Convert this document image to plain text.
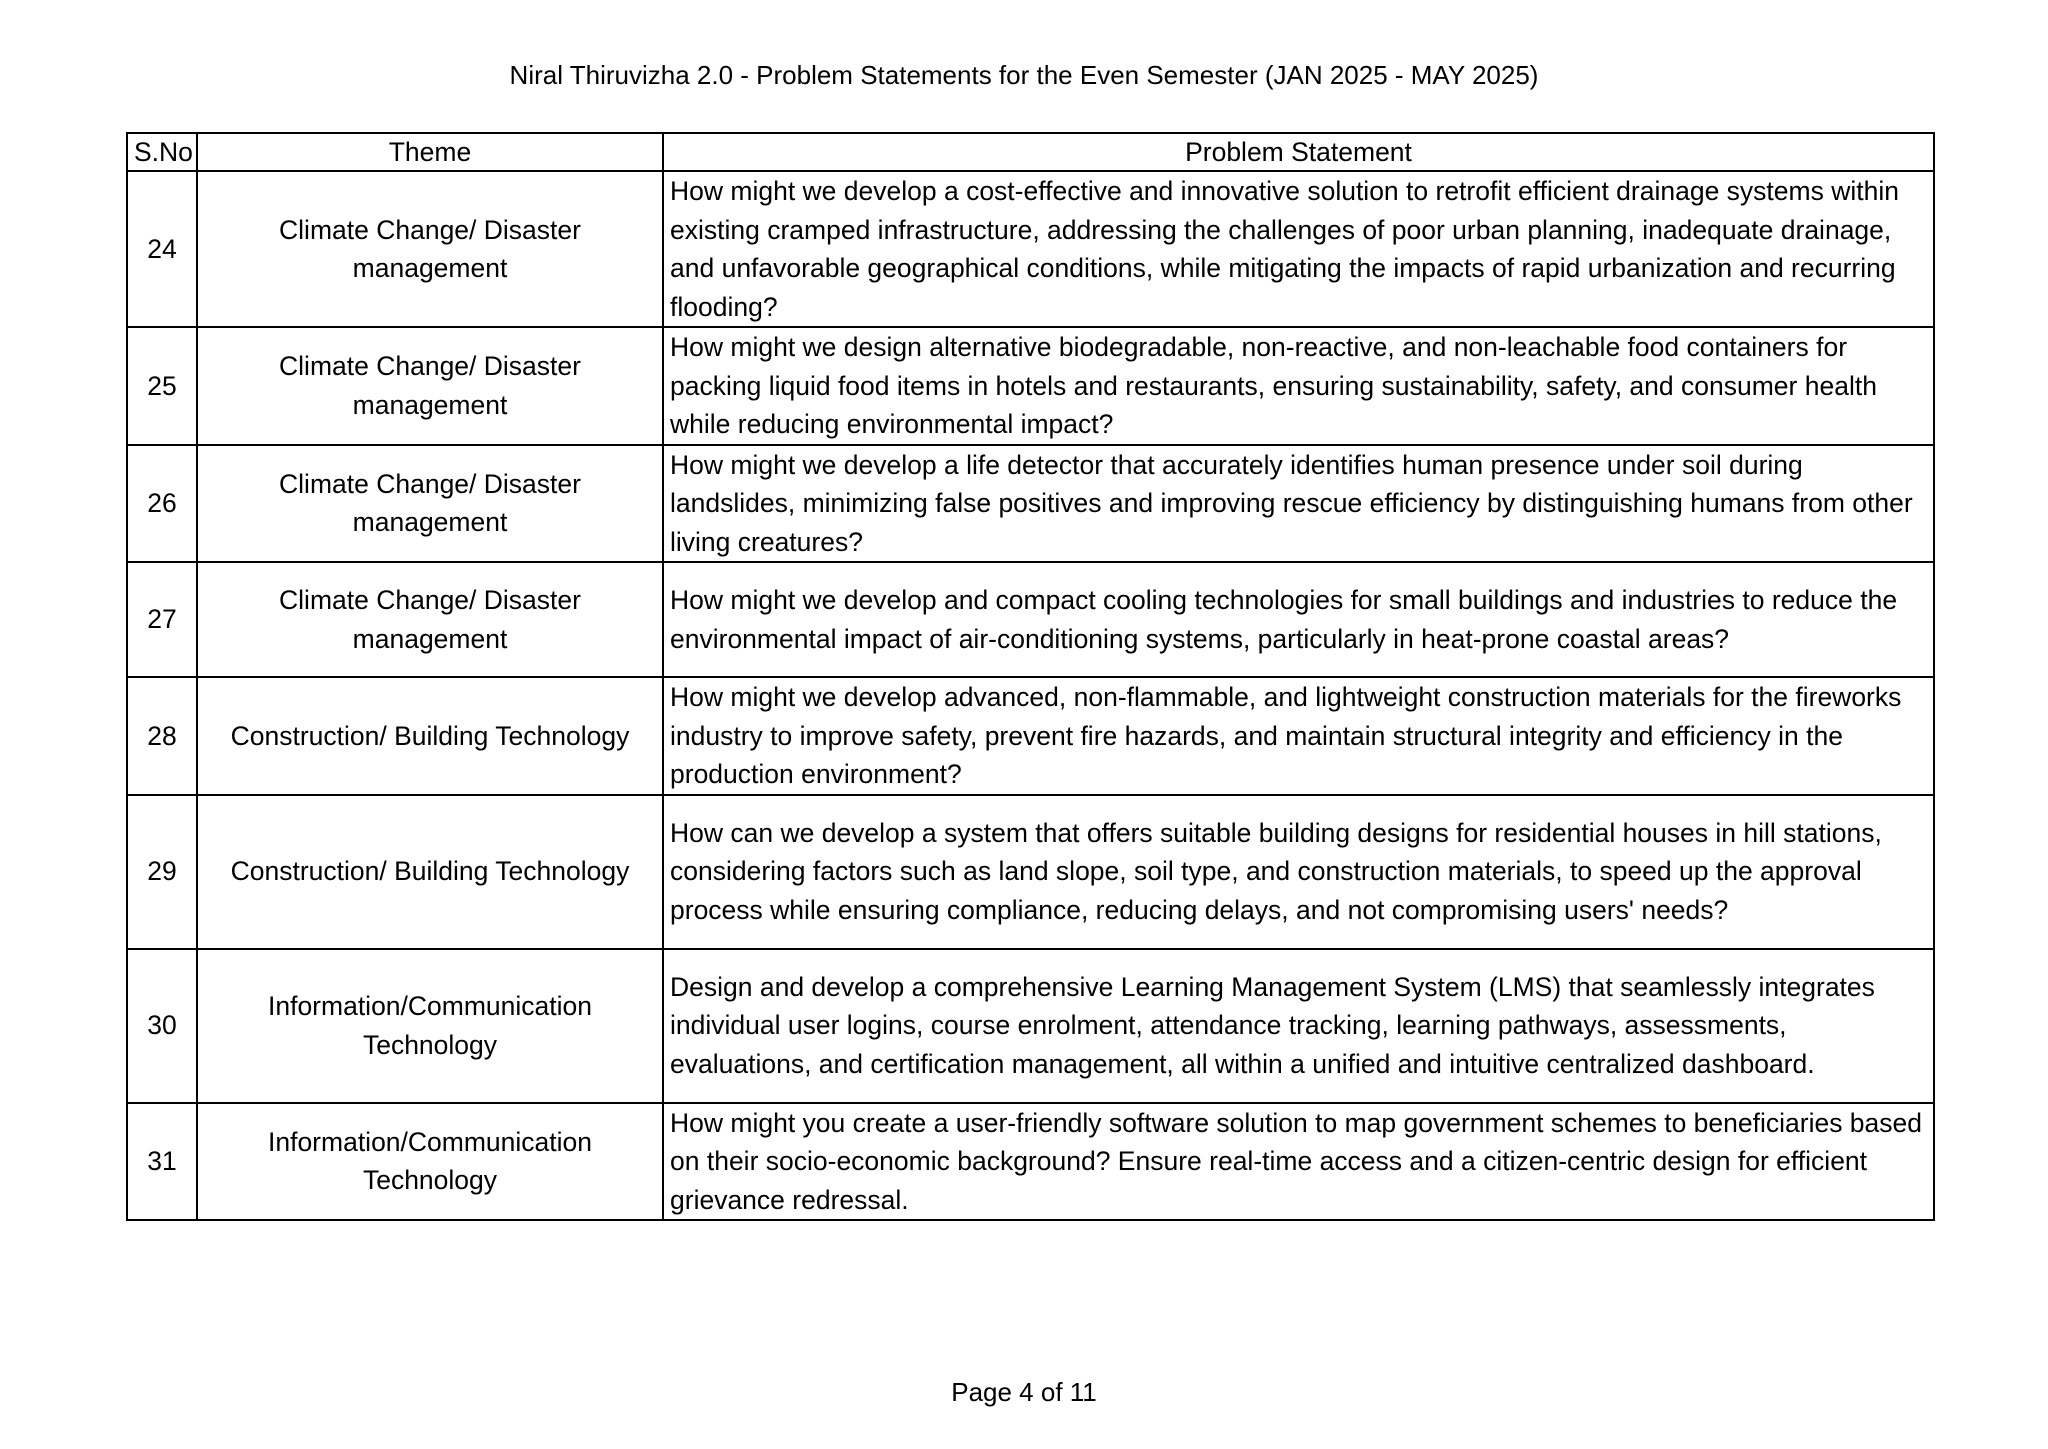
Niral Thiruvizha 2.0 - Problem Statements for the Even Semester (JAN 2025 - MAY 2025)
S.No	Theme	Problem Statement
24	Climate Change/ Disaster management	How might we develop a cost-effective and innovative solution to retrofit efficient drainage systems within existing cramped infrastructure, addressing the challenges of poor urban planning, inadequate drainage, and unfavorable geographical conditions, while mitigating the impacts of rapid urbanization and recurring flooding?
25	Climate Change/ Disaster management	How might we design alternative biodegradable, non-reactive, and non-leachable food containers for packing liquid food items in hotels and restaurants, ensuring sustainability, safety, and consumer health while reducing environmental impact?
26	Climate Change/ Disaster management	How might we develop a life detector that accurately identifies human presence under soil during landslides, minimizing false positives and improving rescue efficiency by distinguishing humans from other living creatures?
27	Climate Change/ Disaster management	How might we develop and compact cooling technologies for small buildings and industries to reduce the environmental impact of air-conditioning systems, particularly in heat-prone coastal areas?
28	Construction/ Building Technology	How might we develop advanced, non-flammable, and lightweight construction materials for the fireworks industry to improve safety, prevent fire hazards, and maintain structural integrity and efficiency in the production environment?
29	Construction/ Building Technology	How can we develop a system that offers suitable building designs for residential houses in hill stations, considering factors such as land slope, soil type, and construction materials, to speed up the approval process while ensuring compliance, reducing delays, and not compromising users' needs?
30	Information/Communication Technology	Design and develop a comprehensive Learning Management System (LMS) that seamlessly integrates individual user logins, course enrolment, attendance tracking, learning pathways, assessments, evaluations, and certification management, all within a unified and intuitive centralized dashboard.
31	Information/Communication Technology	How might you create a user-friendly software solution to map government schemes to beneficiaries based on their socio-economic background? Ensure real-time access and a citizen-centric design for efficient grievance redressal.
Page 4 of 11
